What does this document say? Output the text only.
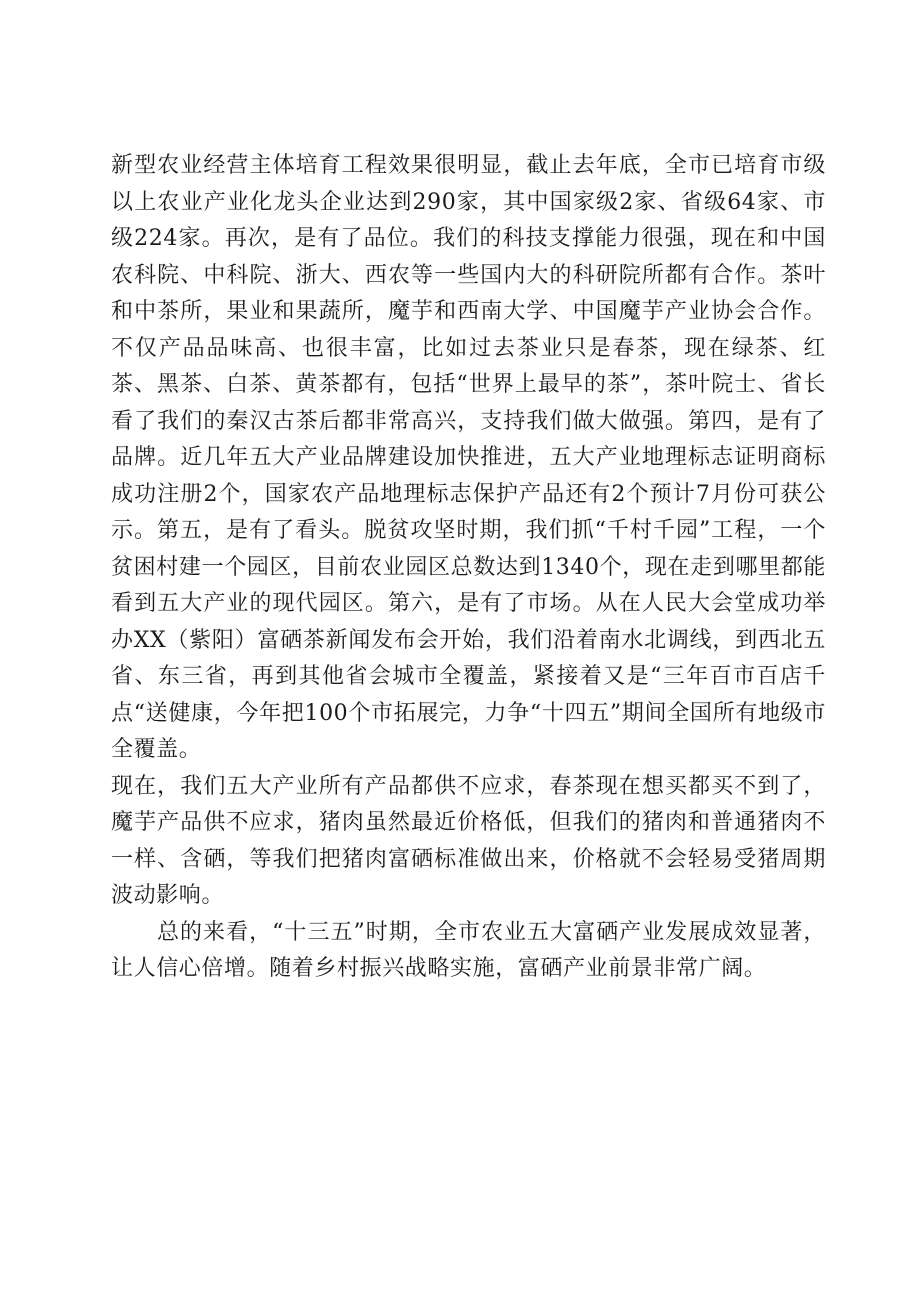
新型农业经营主体培育工程效果很明显，截止去年底，全市已培育市级以上农业产业化龙头企业达到290家，其中国家级2家、省级64家、市级224家。再次，是有了品位。我们的科技支撑能力很强，现在和中国农科院、中科院、浙大、西农等一些国内大的科研院所都有合作。茶叶和中茶所，果业和果蔬所，魔芋和西南大学、中国魔芋产业协会合作。不仅产品品味高、也很丰富，比如过去茶业只是春茶，现在绿茶、红茶、黑茶、白茶、黄茶都有，包括“世界上最早的茶”，茶叶院士、省长看了我们的秦汉古茶后都非常高兴，支持我们做大做强。第四，是有了品牌。近几年五大产业品牌建设加快推进，五大产业地理标志证明商标成功注册2个，国家农产品地理标志保护产品还有2个预计7月份可获公示。第五，是有了看头。脱贫攻坚时期，我们抓“千村千园”工程，一个贫困村建一个园区，目前农业园区总数达到1340个，现在走到哪里都能看到五大产业的现代园区。第六，是有了市场。从在人民大会堂成功举办XX（紫阳）富硒茶新闻发布会开始，我们沿着南水北调线，到西北五省、东三省，再到其他省会城市全覆盖，紧接着又是“三年百市百店千点“送健康，今年把100个市拓展完，力争“十四五”期间全国所有地级市全覆盖。

现在，我们五大产业所有产品都供不应求，春茶现在想买都买不到了，魔芋产品供不应求，猪肉虽然最近价格低，但我们的猪肉和普通猪肉不一样、含硒，等我们把猪肉富硒标准做出来，价格就不会轻易受猪周期波动影响。

总的来看，“十三五”时期，全市农业五大富硒产业发展成效显著，让人信心倍增。随着乡村振兴战略实施，富硒产业前景非常广阔。
